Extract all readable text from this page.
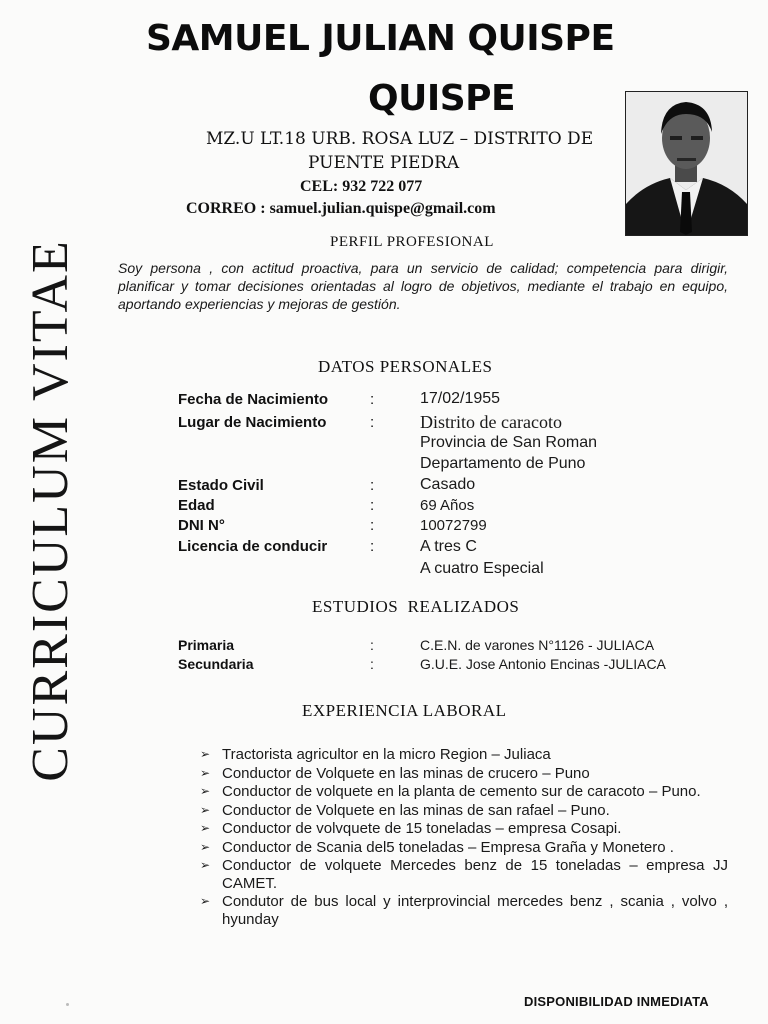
CURRICULUM VITAE
SAMUEL JULIAN QUISPE
QUISPE
MZ.U LT.18 URB. ROSA LUZ – DISTRITO DE
PUENTE PIEDRA
CEL: 932 722 077
CORREO : samuel.julian.quispe@gmail.com
PERFIL PROFESIONAL
Soy persona , con actitud proactiva, para un servicio de calidad; competencia para dirigir, planificar y tomar decisiones orientadas al logro de objetivos, mediante el trabajo en equipo, aportando experiencias y mejoras de gestión.
DATOS PERSONALES
Fecha de Nacimiento	:	17/02/1955
Lugar de Nacimiento	:	Distrito de caracoto
Provincia de San Roman
Departamento de Puno
Estado Civil	:	Casado
Edad	:	69 Años
DNI N°	:	10072799
Licencia de conducir	:	A tres C
A cuatro Especial
ESTUDIOS  REALIZADOS
Primaria	:	C.E.N. de varones N°1126 - JULIACA
Secundaria	:	G.U.E. Jose Antonio Encinas -JULIACA
EXPERIENCIA LABORAL
➢ Tractorista agricultor en la micro Region – Juliaca
➢ Conductor de Volquete en las minas de crucero – Puno
➢ Conductor de volquete en la planta de cemento sur de caracoto – Puno.
➢ Conductor de Volquete en las minas de san rafael – Puno.
➢ Conductor de volvquete de 15 toneladas – empresa Cosapi.
➢ Conductor de Scania del5 toneladas – Empresa Graña y Monetero .
➢ Conductor de volquete Mercedes benz de 15 toneladas – empresa JJ CAMET.
➢ Condutor de bus local y interprovincial mercedes benz , scania , volvo , hyunday
DISPONIBILIDAD INMEDIATA
